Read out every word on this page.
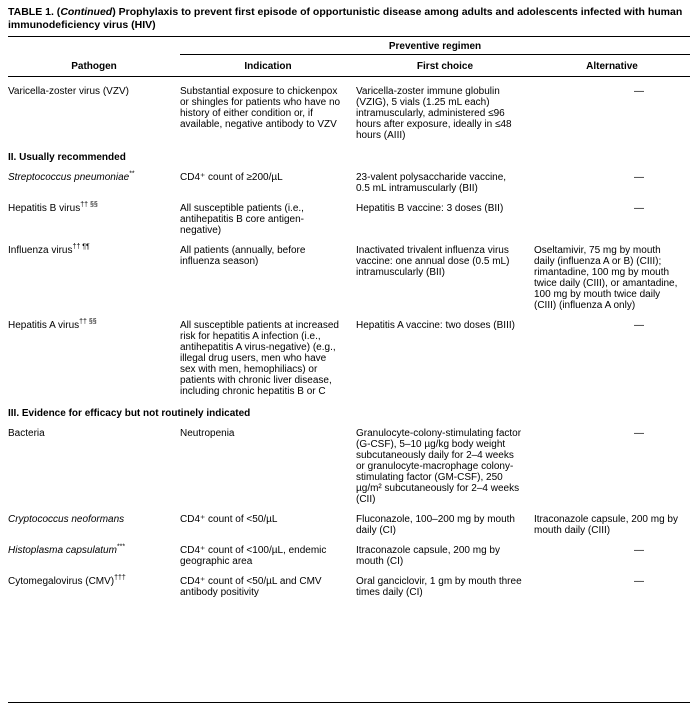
TABLE 1. (Continued) Prophylaxis to prevent first episode of opportunistic disease among adults and adolescents infected with human immunodeficiency virus (HIV)
	Preventive regimen		
Pathogen	Indication	First choice	Alternative
Varicella-zoster virus (VZV)	Substantial exposure to chickenpox or shingles for patients who have no history of either condition or, if available, negative antibody to VZV	Varicella-zoster immune globulin (VZIG), 5 vials (1.25 mL each) intramuscularly, administered ≤96 hours after exposure, ideally in ≤48 hours (AIII)	—
II. Usually recommended			
Streptococcus pneumoniae**	CD4⁺ count of ≥200/µL	23-valent polysaccharide vaccine, 0.5 mL intramuscularly (BII)	—
Hepatitis B virus†† §§	All susceptible patients (i.e., antihepatitis B core antigen-negative)	Hepatitis B vaccine: 3 doses (BII)	—
Influenza virus†† ¶¶	All patients (annually, before influenza season)	Inactivated trivalent influenza virus vaccine: one annual dose (0.5 mL) intramuscularly (BII)	Oseltamivir, 75 mg by mouth daily (influenza A or B) (CIII); rimantadine, 100 mg by mouth twice daily (CIII), or amantadine, 100 mg by mouth twice daily (CIII) (influenza A only)
Hepatitis A virus†† §§	All susceptible patients at increased risk for hepatitis A infection (i.e., antihepatitis A virus-negative) (e.g., illegal drug users, men who have sex with men, hemophiliacs) or patients with chronic liver disease, including chronic hepatitis B or C	Hepatitis A vaccine: two doses (BIII)	—
III. Evidence for efficacy but not routinely indicated			
Bacteria	Neutropenia	Granulocyte-colony-stimulating factor (G-CSF), 5–10 µg/kg body weight subcutaneously daily for 2–4 weeks or granulocyte-macrophage colony-stimulating factor (GM-CSF), 250 µg/m² subcutaneously for 2–4 weeks (CII)	—
Cryptococcus neoformans	CD4⁺ count of <50/µL	Fluconazole, 100–200 mg by mouth daily (CI)	Itraconazole capsule, 200 mg by mouth daily (CIII)
Histoplasma capsulatum***	CD4⁺ count of <100/µL, endemic geographic area	Itraconazole capsule, 200 mg by mouth (CI)	—
Cytomegalovirus (CMV)†††	CD4⁺ count of <50/µL and CMV antibody positivity	Oral ganciclovir, 1 gm by mouth three times daily (CI)	—
